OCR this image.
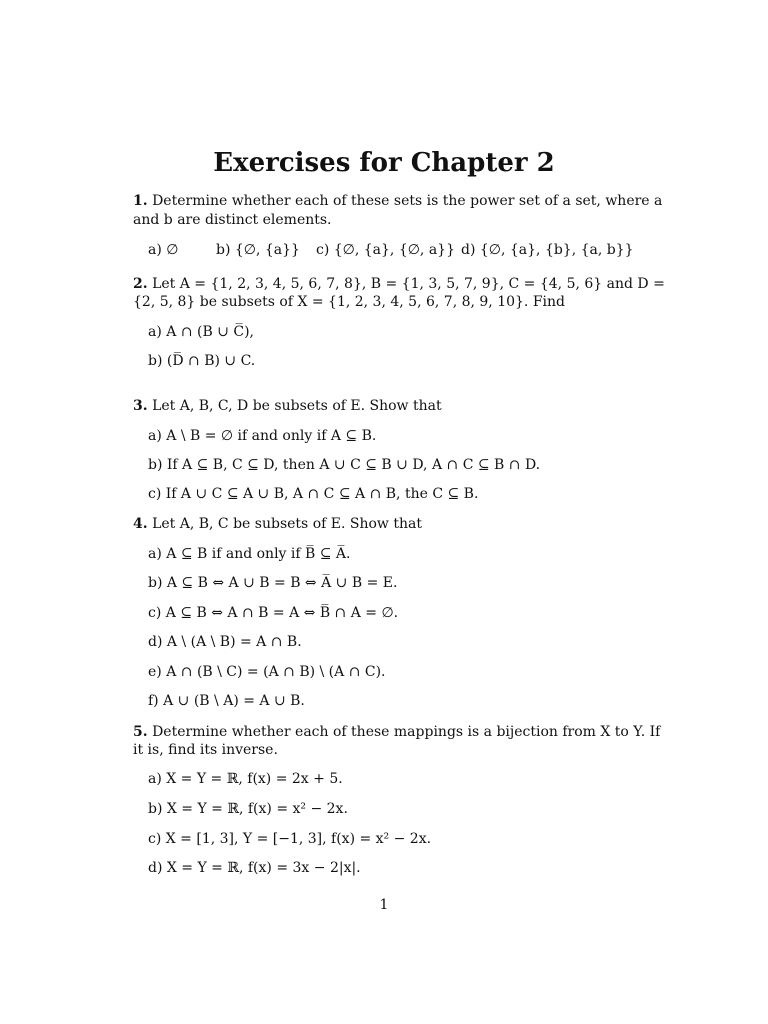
Exercises for Chapter 2
1. Determine whether each of these sets is the power set of a set, where a
and b are distinct elements.
a) ∅	b) {∅, {a}} c) {∅, {a}, {∅, a}} d) {∅, {a}, {b}, {a, b}}
2. Let A = {1, 2, 3, 4, 5, 6, 7, 8}, B = {1, 3, 5, 7, 9}, C = {4, 5, 6} and D =
{2, 5, 8} be subsets of X = {1, 2, 3, 4, 5, 6, 7, 8, 9, 10}. Find
a) A ∩ (B ∪ C̅),
b) (D̅ ∩ B) ∪ C.
3. Let A, B, C, D be subsets of E. Show that
a) A \ B = ∅ if and only if A ⊆ B.
b) If A ⊆ B, C ⊆ D, then A ∪ C ⊆ B ∪ D, A ∩ C ⊆ B ∩ D.
c) If A ∪ C ⊆ A ∪ B, A ∩ C ⊆ A ∩ B, the C ⊆ B.
4. Let A, B, C be subsets of E. Show that
a) A ⊆ B if and only if B̅ ⊆ A̅.
b) A ⊆ B ⇔ A ∪ B = B ⇔ A̅ ∪ B = E.
c) A ⊆ B ⇔ A ∩ B = A ⇔ B̅ ∩ A = ∅.
d) A \ (A \ B) = A ∩ B.
e) A ∩ (B \ C) = (A ∩ B) \ (A ∩ C).
f) A ∪ (B \ A) = A ∪ B.
5. Determine whether each of these mappings is a bijection from X to Y. If
it is, find its inverse.
a) X = Y = ℝ, f(x) = 2x + 5.
b) X = Y = ℝ, f(x) = x² − 2x.
c) X = [1, 3], Y = [−1, 3], f(x) = x² − 2x.
d) X = Y = ℝ, f(x) = 3x − 2|x|.
1
